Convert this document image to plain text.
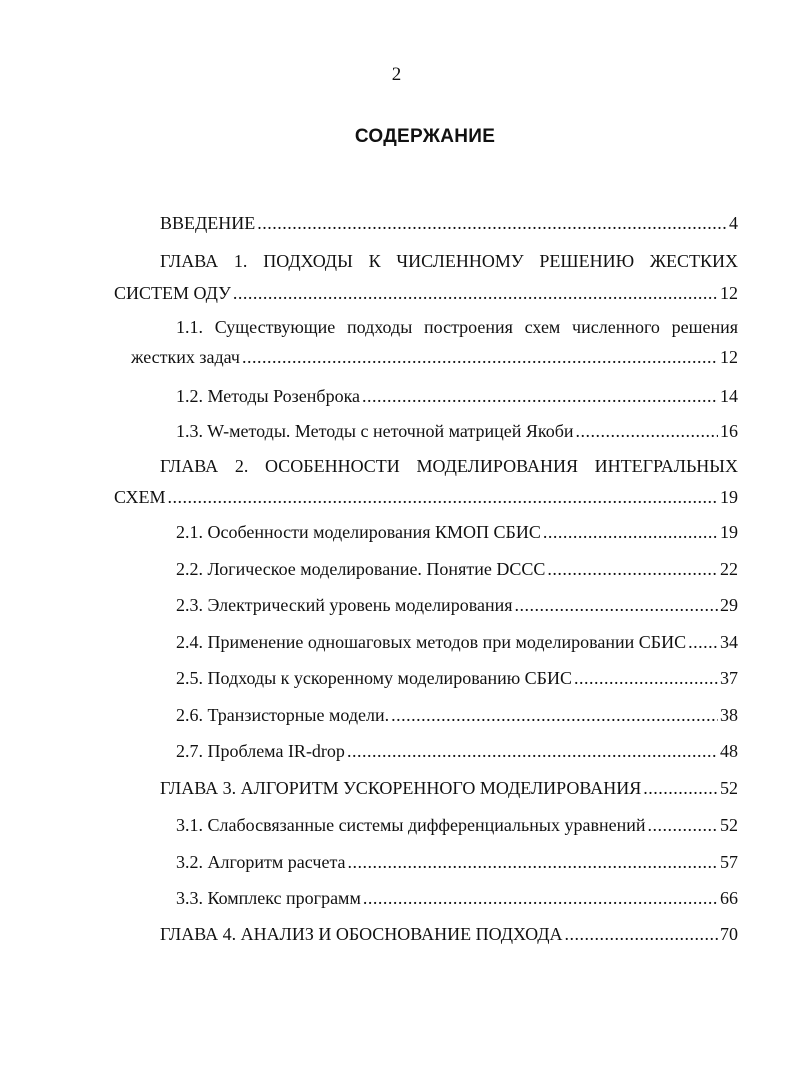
2
СОДЕРЖАНИЕ
ВВЕДЕНИЕ .....	4
ГЛАВА 1. ПОДХОДЫ К ЧИСЛЕННОМУ РЕШЕНИЮ ЖЕСТКИХ
СИСТЕМ ОДУ .....	12
1.1. Существующие подходы построения схем численного решения
жестких задач .....	12
1.2. Методы Розенброка .....	14
1.3. W-методы. Методы с неточной матрицей Якоби .....	16
ГЛАВА 2. ОСОБЕННОСТИ МОДЕЛИРОВАНИЯ ИНТЕГРАЛЬНЫХ
СХЕМ .....	19
2.1. Особенности моделирования КМОП СБИС .....	19
2.2. Логическое моделирование. Понятие DCCC .....	22
2.3. Электрический уровень моделирования .....	29
2.4. Применение одношаговых методов при моделировании СБИС ..... 34
2.5. Подходы к ускоренному моделированию СБИС .....	37
2.6. Транзисторные модели. .....	38
2.7. Проблема IR-drop .....	48
ГЛАВА 3. АЛГОРИТМ УСКОРЕННОГО МОДЕЛИРОВАНИЯ .....	52
3.1. Слабосвязанные системы дифференциальных уравнений .....	52
3.2. Алгоритм расчета .....	57
3.3. Комплекс программ .....	66
ГЛАВА 4. АНАЛИЗ И ОБОСНОВАНИЕ ПОДХОДА .....	70
